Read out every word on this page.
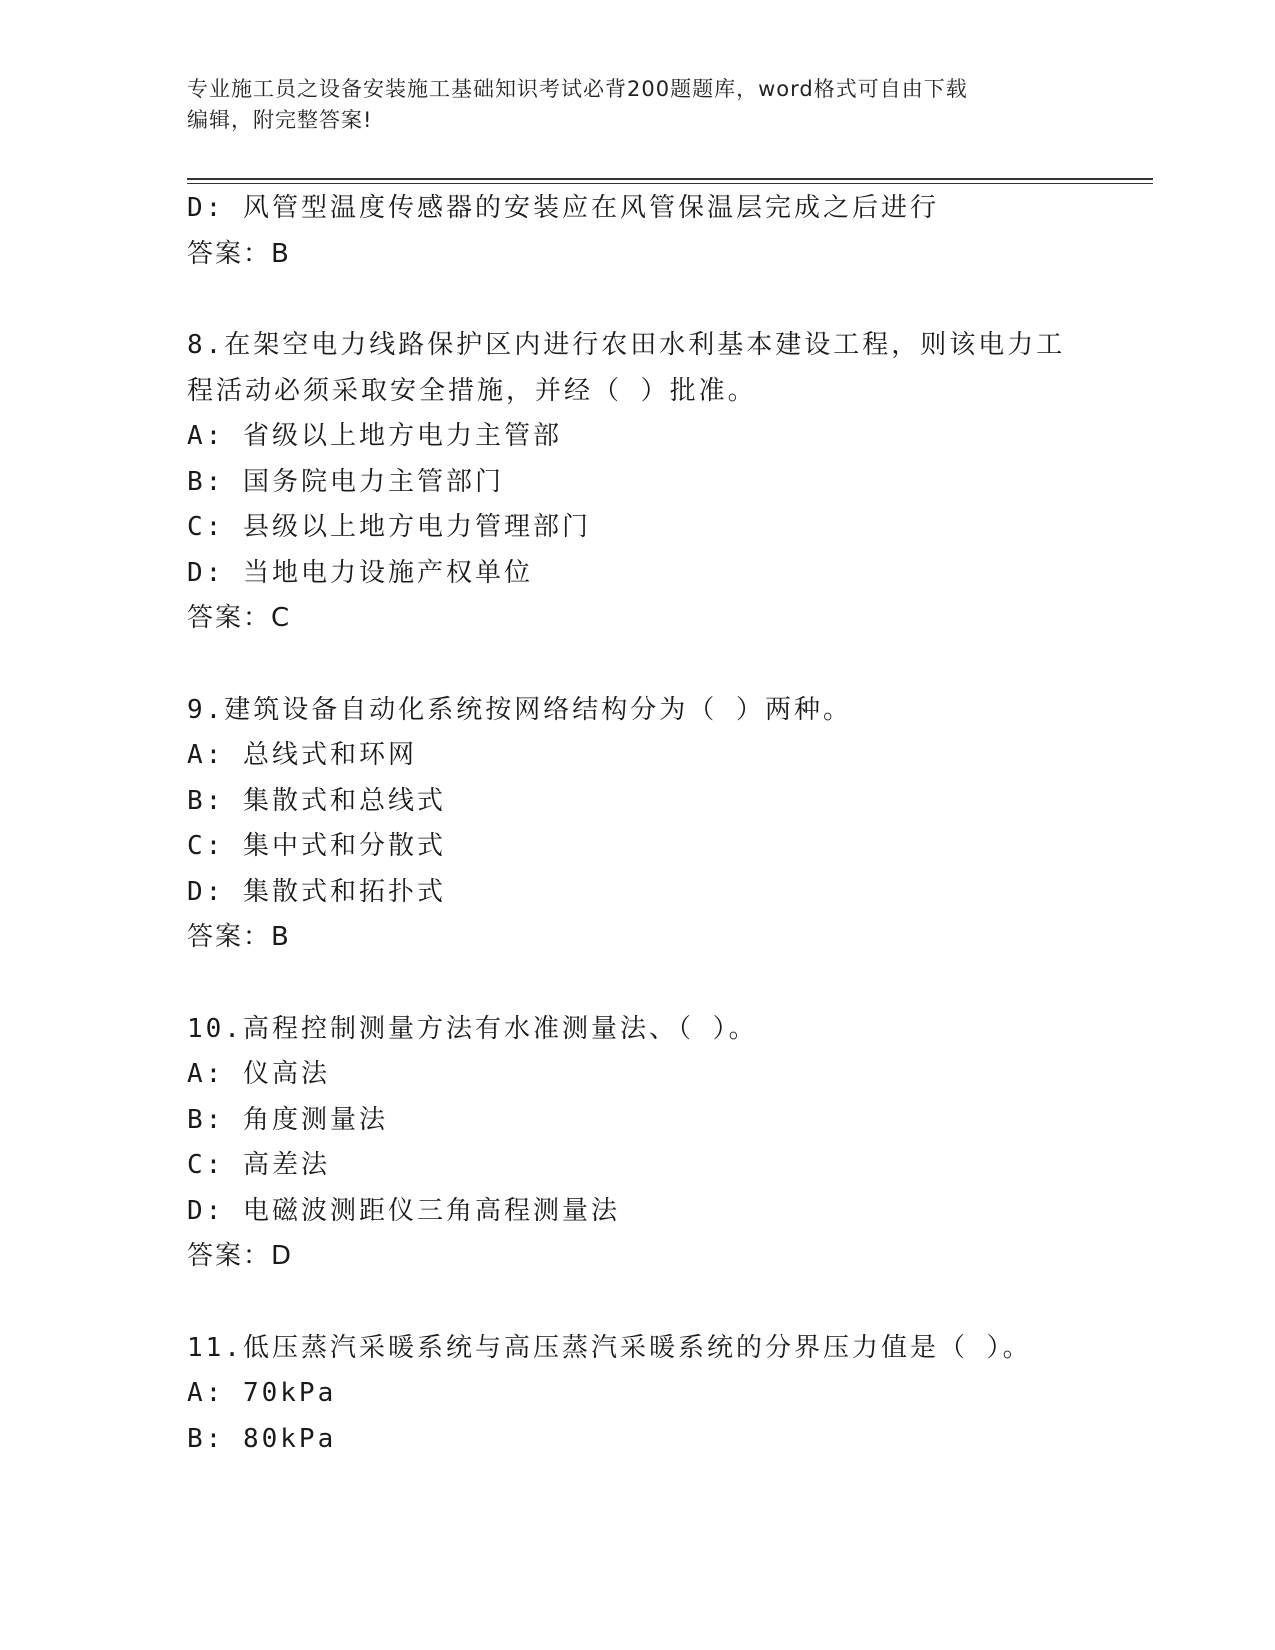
专业施工员之设备安装施工基础知识考试必背200题题库，word格式可自由下载
编辑，附完整答案!
D: 风管型温度传感器的安装应在风管保温层完成之后进行
答案：B
8.在架空电力线路保护区内进行农田水利基本建设工程，则该电力工
程活动必须采取安全措施，并经（ ）批准。
A: 省级以上地方电力主管部
B: 国务院电力主管部门
C: 县级以上地方电力管理部门
D: 当地电力设施产权单位
答案：C
9.建筑设备自动化系统按网络结构分为（ ）两种。
A: 总线式和环网
B: 集散式和总线式
C: 集中式和分散式
D: 集散式和拓扑式
答案：B
10.高程控制测量方法有水准测量法、（ ）。
A: 仪高法
B: 角度测量法
C: 高差法
D: 电磁波测距仪三角高程测量法
答案：D
11.低压蒸汽采暖系统与高压蒸汽采暖系统的分界压力值是（ ）。
A: 70kPa
B: 80kPa
